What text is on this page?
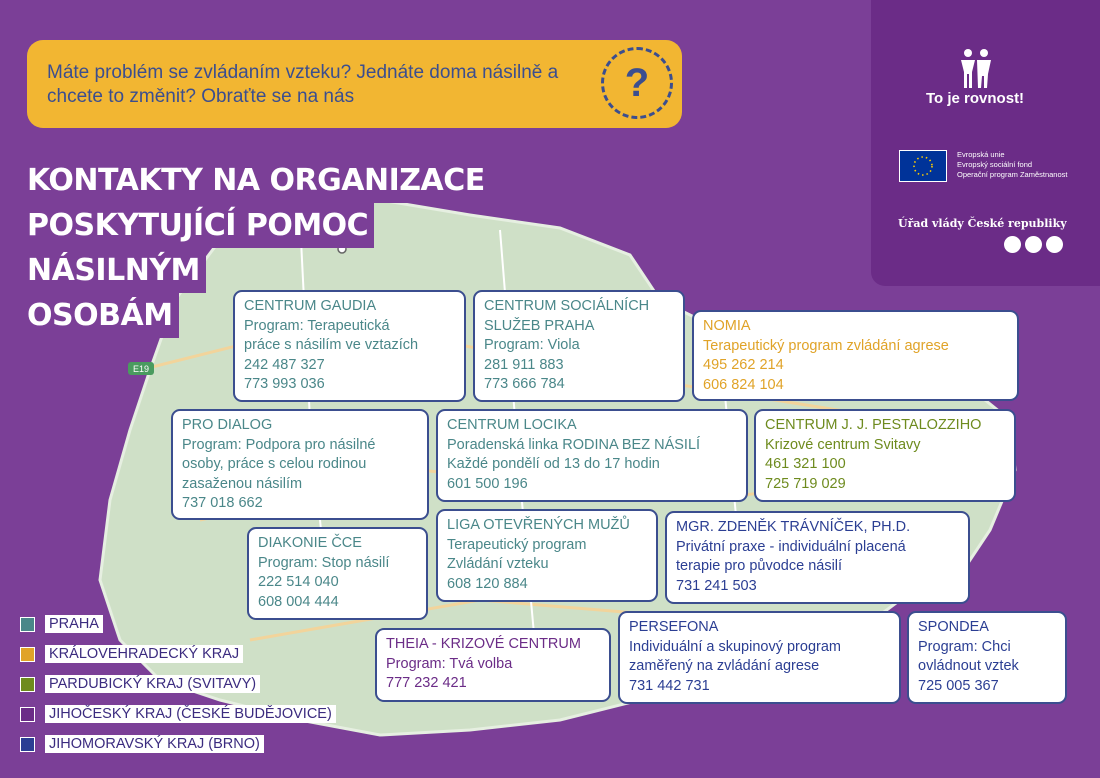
E19
Máte problém se zvládaním vzteku? Jednáte doma násilně a chcete to změnit? Obraťte se na nás	?
KONTAKTY NA ORGANIZACE
POSKYTUJÍCÍ POMOC
NÁSILNÝM
OSOBÁM
To je rovnost!
Evropská unie
Evropský sociální fond
Operační program Zaměstnanost
Úřad vlády České republiky
CENTRUM GAUDIA
Program: Terapeutická
práce s násilím ve vztazích
242 487 327
773 993 036
CENTRUM SOCIÁLNÍCH
SLUŽEB PRAHA
Program: Viola
281 911 883
773 666 784
NOMIA
Terapeutický program zvládání agrese
495 262 214
606 824 104
PRO DIALOG
Program: Podpora pro násilné
osoby, práce s celou rodinou
zasaženou násilím
737 018 662
CENTRUM LOCIKA
Poradenská linka RODINA BEZ NÁSILÍ
Každé pondělí od 13 do 17 hodin
601 500 196
CENTRUM J. J. PESTALOZZIHO
Krizové centrum Svitavy
461 321 100
725 719 029
DIAKONIE ČCE
Program: Stop násilí
222 514 040
608 004 444
LIGA OTEVŘENÝCH MUŽŮ
Terapeutický program
Zvládání vzteku
608 120 884
MGR. ZDENĚK TRÁVNÍČEK, PH.D.
Privátní praxe - individuální placená
terapie pro původce násilí
731 241 503
THEIA - KRIZOVÉ CENTRUM
Program: Tvá volba
777 232 421
PERSEFONA
Individuální a skupinový program
zaměřený na zvládání agrese
731 442 731
SPONDEA
Program: Chci
ovládnout vztek
725 005 367
PRAHA
KRÁLOVEHRADECKÝ KRAJ
PARDUBICKÝ KRAJ (SVITAVY)
JIHOČESKÝ KRAJ (ČESKÉ BUDĚJOVICE)
JIHOMORAVSKÝ KRAJ (BRNO)
